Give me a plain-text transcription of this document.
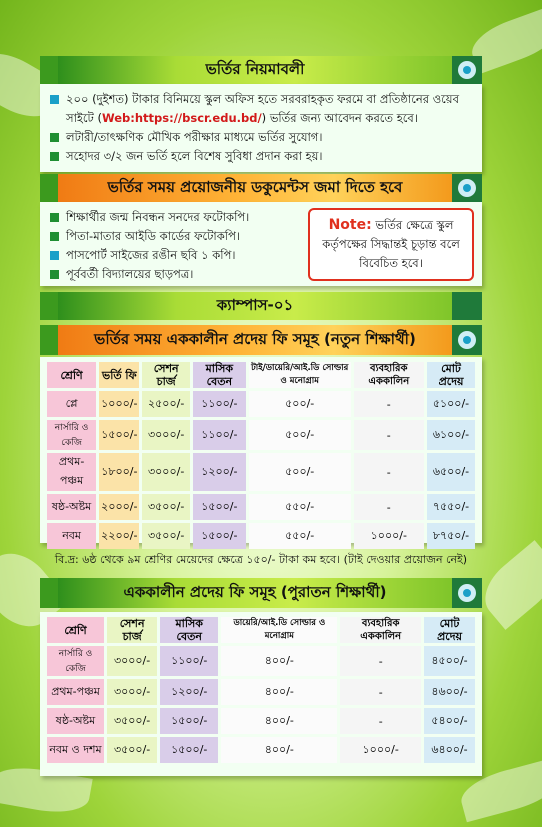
ভর্তির নিয়মাবলী
২০০ (দুইশত) টাকার বিনিময়ে স্কুল অফিস হতে সরবরাহকৃত ফরমে বা প্রতিষ্ঠানের ওয়েব সাইটে (Web:https://bscr.edu.bd/) ভর্তির জন্য আবেদন করতে হবে।
লটারী/তাৎক্ষণিক মৌখিক পরীক্ষার মাধ্যমে ভর্তির সুযোগ।
সহোদর ৩/২ জন ভর্তি হলে বিশেষ সুবিধা প্রদান করা হয়।
ভর্তির সময় প্রয়োজনীয় ডকুমেন্টস জমা দিতে হবে
শিক্ষার্থীর জন্ম নিবন্ধন সনদের ফটোকপি।
পিতা-মাতার আইডি কার্ডের ফটোকপি।
পাসপোর্ট সাইজের রঙীন ছবি ১ কপি।
পূর্ববর্তী বিদ্যালয়ের ছাড়পত্র।
Note: ভর্তির ক্ষেত্রে স্কুল কর্তৃপক্ষের সিদ্ধান্তই চূড়ান্ত বলে বিবেচিত হবে।
ক্যাম্পাস-০১
ভর্তির সময় এককালীন প্রদেয় ফি সমূহ (নতুন শিক্ষার্থী)
শ্রেণি	ভর্তি ফি	সেশন চার্জ	মাসিক বেতন	টাই/ডায়েরি/আই.ডি সোল্ডার ও মনোগ্রাম	ব্যবহারিক এককালিন	মোট প্রদেয়
প্লে	১০০০/-	২৫০০/-	১১০০/-	৫০০/-	-	৫১০০/-
নার্সারি ও কেজি	১৫০০/-	৩০০০/-	১১০০/-	৫০০/-	-	৬১০০/-
প্রথম-পঞ্চম	১৮০০/-	৩০০০/-	১২০০/-	৫০০/-	-	৬৫০০/-
ষষ্ঠ-অষ্টম	২০০০/-	৩৫০০/-	১৫০০/-	৫৫০/-	-	৭৫৫০/-
নবম	২২০০/-	৩৫০০/-	১৫০০/-	৫৫০/-	১০০০/-	৮৭৫০/-
বি.দ্র: ৬ষ্ঠ থেকে ৯ম শ্রেণির মেয়েদের ক্ষেত্রে ১৫০/- টাকা কম হবে। (টাই দেওয়ার প্রয়োজন নেই)
এককালীন প্রদেয় ফি সমূহ (পুরাতন শিক্ষার্থী)
শ্রেণি	সেশন চার্জ	মাসিক বেতন	ডায়েরি/আই.ডি সোল্ডার ও মনোগ্রাম	ব্যবহারিক এককালিন	মোট প্রদেয়
নার্সারি ও কেজি	৩০০০/-	১১০০/-	৪০০/-	-	৪৫০০/-
প্রথম-পঞ্চম	৩০০০/-	১২০০/-	৪০০/-	-	৪৬০০/-
ষষ্ঠ-অষ্টম	৩৫০০/-	১৫০০/-	৪০০/-	-	৫৪০০/-
নবম ও দশম	৩৫০০/-	১৫০০/-	৪০০/-	১০০০/-	৬৪০০/-
